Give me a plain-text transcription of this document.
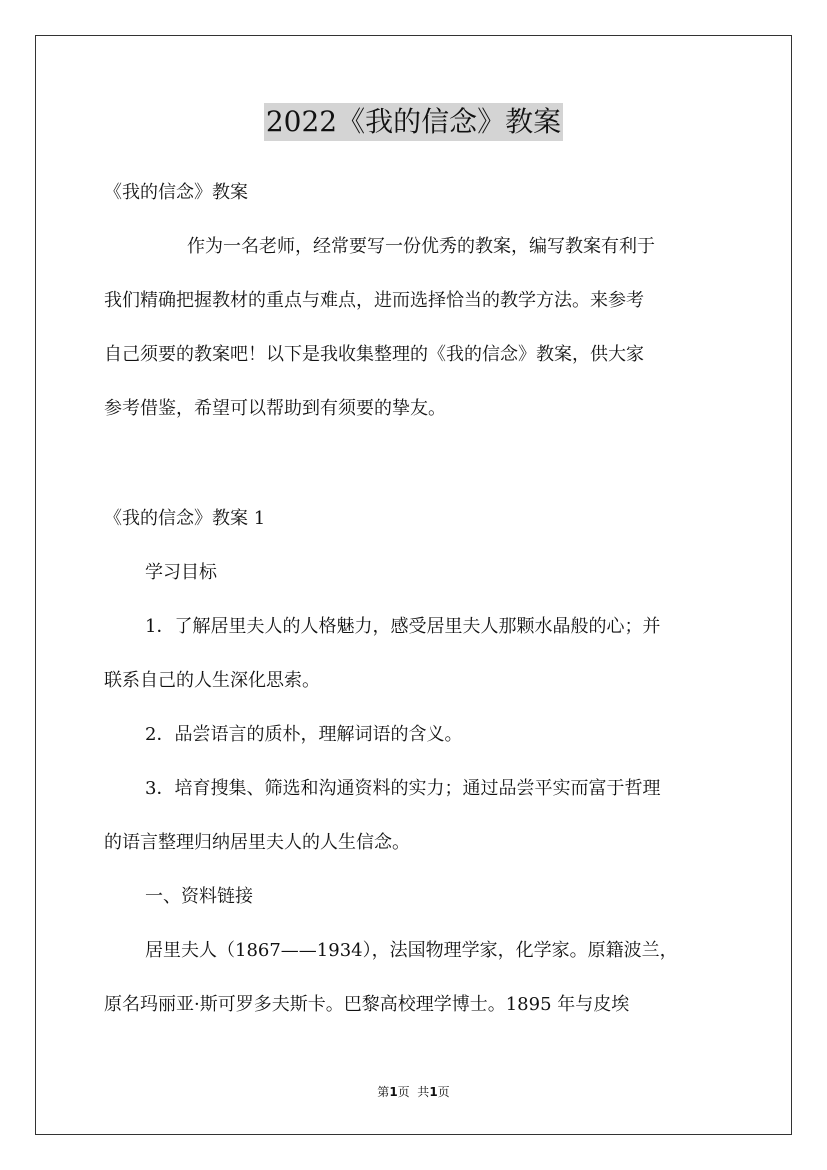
2022《我的信念》教案
《我的信念》教案
作为一名老师，经常要写一份优秀的教案，编写教案有利于
我们精确把握教材的重点与难点，进而选择恰当的教学方法。来参考
自己须要的教案吧！以下是我收集整理的《我的信念》教案，供大家
参考借鉴，希望可以帮助到有须要的挚友。
《我的信念》教案 1
学习目标
1．了解居里夫人的人格魅力，感受居里夫人那颗水晶般的心；并
联系自己的人生深化思索。
2．品尝语言的质朴，理解词语的含义。
3．培育搜集、筛选和沟通资料的实力；通过品尝平实而富于哲理
的语言整理归纳居里夫人的人生信念。
一、资料链接
居里夫人（1867——1934），法国物理学家，化学家。原籍波兰，
原名玛丽亚·斯可罗多夫斯卡。巴黎高校理学博士。1895 年与皮埃
第1页  共1页
